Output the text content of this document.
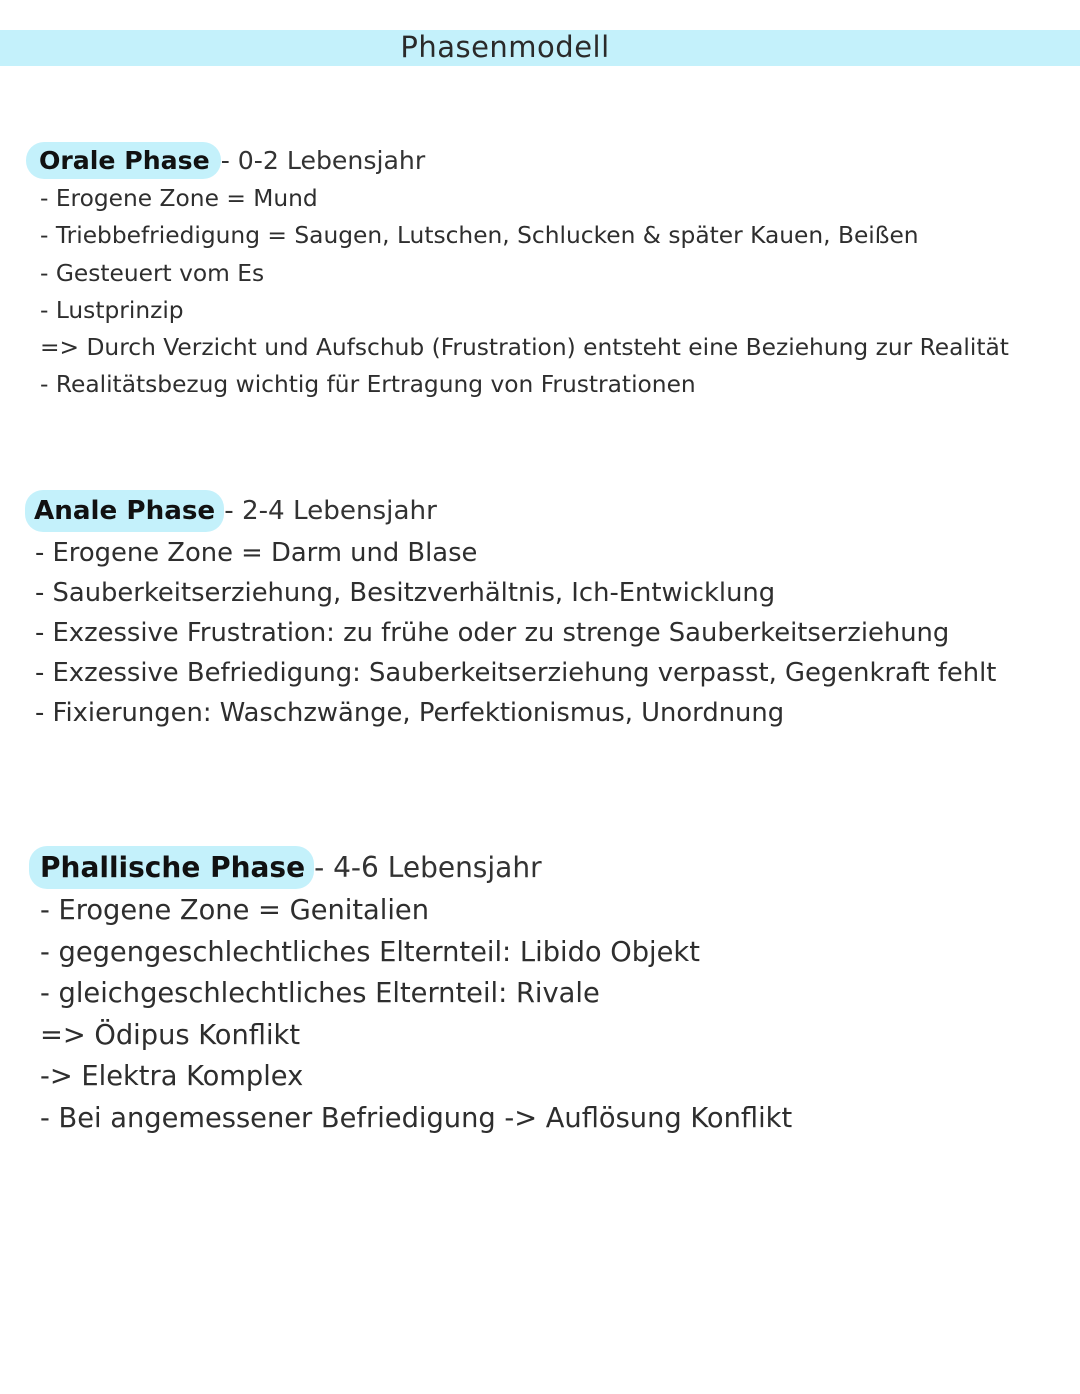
Phasenmodell
Orale Phase - 0-2 Lebensjahr
- Erogene Zone = Mund
- Triebbefriedigung = Saugen, Lutschen, Schlucken & später Kauen, Beißen
- Gesteuert vom Es
- Lustprinzip
=> Durch Verzicht und Aufschub (Frustration) entsteht eine Beziehung zur Realität
- Realitätsbezug wichtig für Ertragung von Frustrationen
Anale Phase - 2-4 Lebensjahr
- Erogene Zone = Darm und Blase
- Sauberkeitserziehung, Besitzverhältnis, Ich-Entwicklung
- Exzessive Frustration: zu frühe oder zu strenge Sauberkeitserziehung
- Exzessive Befriedigung: Sauberkeitserziehung verpasst, Gegenkraft fehlt
- Fixierungen: Waschzwänge, Perfektionismus, Unordnung
Phallische Phase - 4-6 Lebensjahr
- Erogene Zone = Genitalien
- gegengeschlechtliches Elternteil: Libido Objekt
- gleichgeschlechtliches Elternteil: Rivale
=> Ödipus Konflikt
-> Elektra Komplex
- Bei angemessener Befriedigung -> Auflösung Konflikt
